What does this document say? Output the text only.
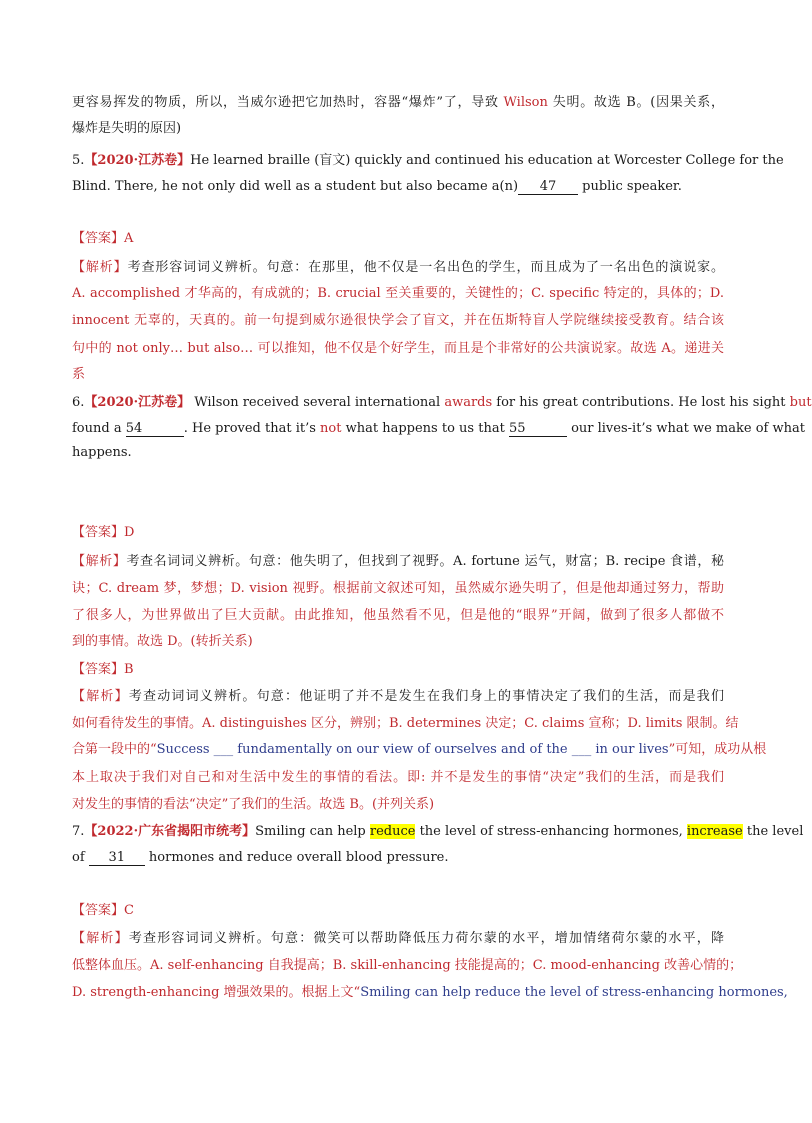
更容易挥发的物质，所以，当威尔逊把它加热时，容器“爆炸”了，导致 Wilson 失明。故选 B。(因果关系，
爆炸是失明的原因)
5.【2020·江苏卷】He learned braille (盲文) quickly and continued his education at Worcester College for the
Blind. There, he not only did well as a student but also became a(n) 47 public speaker.
【答案】A
【解析】考查形容词词义辨析。句意：在那里，他不仅是一名出色的学生，而且成为了一名出色的演说家。
A. accomplished 才华高的，有成就的；B. crucial 至关重要的，关键性的；C. specific 特定的，具体的；D.
innocent 无辜的，天真的。前一句提到威尔逊很快学会了盲文，并在伍斯特盲人学院继续接受教育。结合该
句中的 not only… but also… 可以推知，他不仅是个好学生，而且是个非常好的公共演说家。故选 A。递进关
系
6.【2020·江苏卷】 Wilson received several international awards for his great contributions. He lost his sight but
found a 54	. He proved that it’s not what happens to us that 55	our lives-it’s what we make of what
happens.
【答案】D
【解析】考查名词词义辨析。句意：他失明了，但找到了视野。A. fortune 运气，财富；B. recipe 食谱，秘
诀；C. dream 梦，梦想；D. vision 视野。根据前文叙述可知，虽然威尔逊失明了，但是他却通过努力，帮助
了很多人，为世界做出了巨大贡献。由此推知，他虽然看不见，但是他的“眼界”开阔，做到了很多人都做不
到的事情。故选 D。(转折关系)
【答案】B
【解析】考查动词词义辨析。句意：他证明了并不是发生在我们身上的事情决定了我们的生活，而是我们
如何看待发生的事情。A. distinguishes 区分，辨别；B. determines 决定；C. claims 宣称；D. limits 限制。结
合第一段中的“Success ___ fundamentally on our view of ourselves and of the ___ in our lives”可知，成功从根
本上取决于我们对自己和对生活中发生的事情的看法。即: 并不是发生的事情“决定”我们的生活，而是我们
对发生的事情的看法“决定”了我们的生活。故选 B。(并列关系)
7.【2022·广东省揭阳市统考】Smiling can help reduce the level of stress-enhancing hormones, increase the level
of 31 hormones and reduce overall blood pressure.
【答案】C
【解析】考查形容词词义辨析。句意：微笑可以帮助降低压力荷尔蒙的水平，增加情绪荷尔蒙的水平，降
低整体血压。A. self-enhancing 自我提高；B. skill-enhancing 技能提高的；C. mood-enhancing 改善心情的；
D. strength-enhancing 增强效果的。根据上文“Smiling can help reduce the level of stress-enhancing hormones,
